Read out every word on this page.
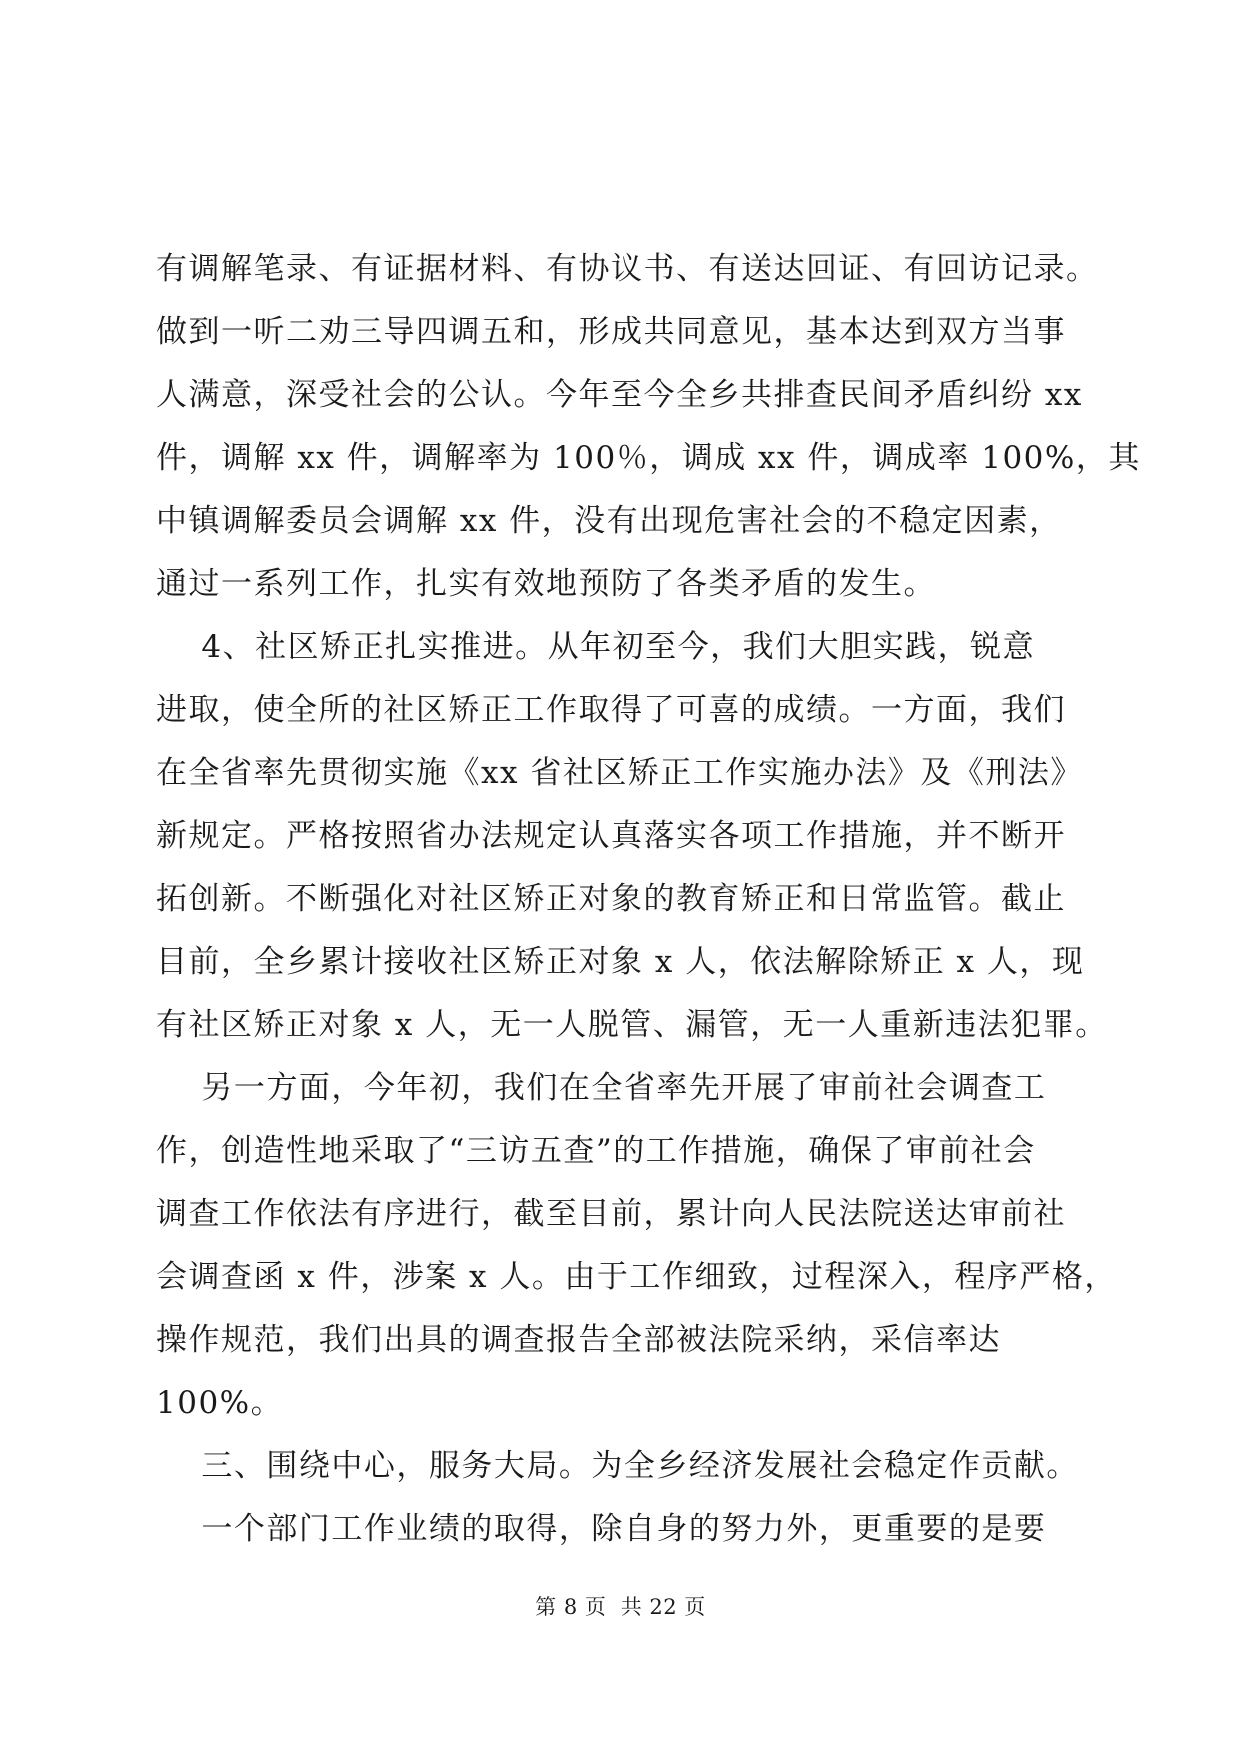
有调解笔录、有证据材料、有协议书、有送达回证、有回访记录。
做到一听二劝三导四调五和，形成共同意见，基本达到双方当事
人满意，深受社会的公认。今年至今全乡共排查民间矛盾纠纷 xx
件，调解 xx 件，调解率为 100％，调成 xx 件，调成率 100%，其
中镇调解委员会调解 xx 件，没有出现危害社会的不稳定因素，
通过一系列工作，扎实有效地预防了各类矛盾的发生。
4、社区矫正扎实推进。从年初至今，我们大胆实践，锐意
进取，使全所的社区矫正工作取得了可喜的成绩。一方面，我们
在全省率先贯彻实施《xx 省社区矫正工作实施办法》及《刑法》
新规定。严格按照省办法规定认真落实各项工作措施，并不断开
拓创新。不断强化对社区矫正对象的教育矫正和日常监管。截止
目前，全乡累计接收社区矫正对象 x 人，依法解除矫正 x 人，现
有社区矫正对象 x 人，无一人脱管、漏管，无一人重新违法犯罪。
另一方面，今年初，我们在全省率先开展了审前社会调查工
作，创造性地采取了“三访五查”的工作措施，确保了审前社会
调查工作依法有序进行，截至目前，累计向人民法院送达审前社
会调查函 x 件，涉案 x 人。由于工作细致，过程深入，程序严格，
操作规范，我们出具的调查报告全部被法院采纳，采信率达
100%。
三、围绕中心，服务大局。为全乡经济发展社会稳定作贡献。
一个部门工作业绩的取得，除自身的努力外，更重要的是要
第 8 页  共 22 页
